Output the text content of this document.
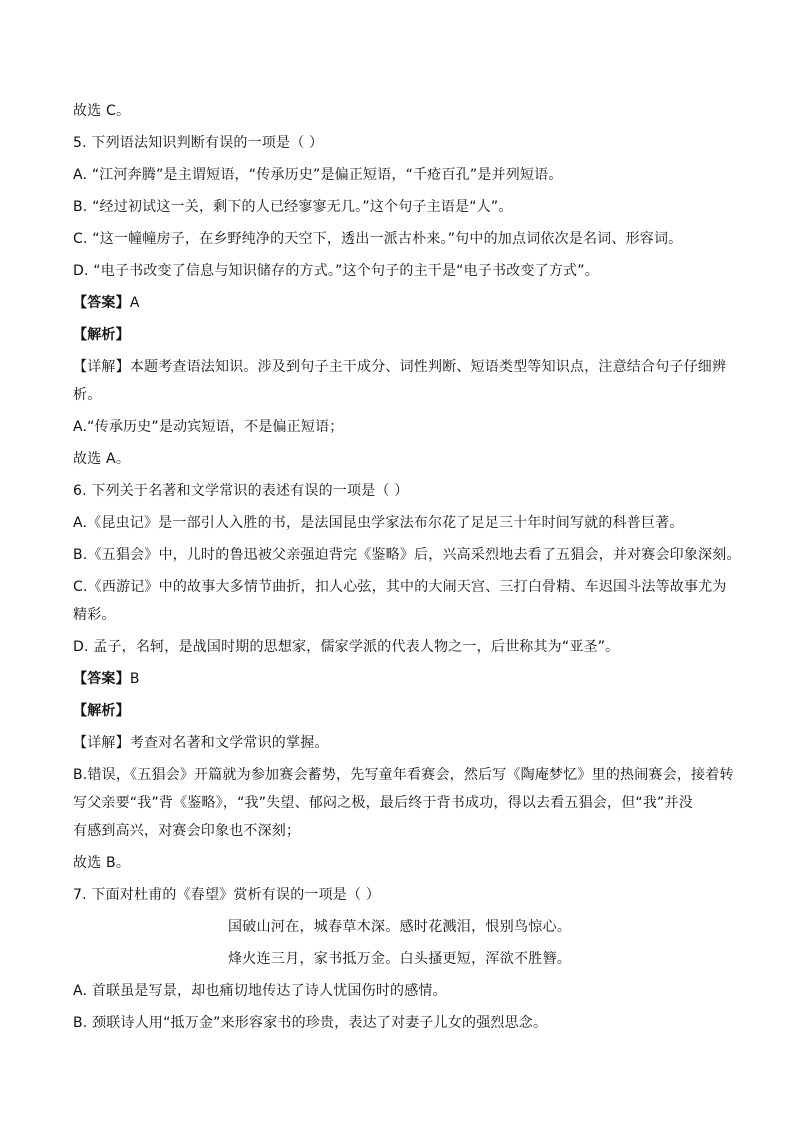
故选 C。
5. 下列语法知识判断有误的一项是（ ）
A. “江河奔腾”是主谓短语，“传承历史”是偏正短语，“千疮百孔”是并列短语。
B. “经过初试这一关，剩下的人已经寥寥无几。”这个句子主语是“人”。
C. “这一幢幢房子，在乡野纯净的天空下，透出一派古朴来。”句中的加点词依次是名词、形容词。
D. “电子书改变了信息与知识储存的方式。”这个句子的主干是“电子书改变了方式”。
【答案】A
【解析】
【详解】本题考查语法知识。涉及到句子主干成分、词性判断、短语类型等知识点，注意结合句子仔细辨
析。
A.“传承历史”是动宾短语，不是偏正短语；
故选 A。
6. 下列关于名著和文学常识的表述有误的一项是（ ）
A.《昆虫记》是一部引人入胜的书，是法国昆虫学家法布尔花了足足三十年时间写就的科普巨著。
B.《五猖会》中，儿时的鲁迅被父亲强迫背完《鉴略》后，兴高采烈地去看了五猖会，并对赛会印象深刻。
C.《西游记》中的故事大多情节曲折，扣人心弦，其中的大闹天宫、三打白骨精、车迟国斗法等故事尤为
精彩。
D. 孟子，名轲，是战国时期的思想家，儒家学派的代表人物之一，后世称其为“亚圣”。
【答案】B
【解析】
【详解】考查对名著和文学常识的掌握。
B.错误，《五猖会》开篇就为参加赛会蓄势，先写童年看赛会，然后写《陶庵梦忆》里的热闹赛会，接着转
写父亲要“我”背《鉴略》，“我”失望、郁闷之极，最后终于背书成功，得以去看五猖会，但“我”并没
有感到高兴，对赛会印象也不深刻；
故选 B。
7. 下面对杜甫的《春望》赏析有误的一项是（ ）
国破山河在，城春草木深。感时花溅泪，恨别鸟惊心。
烽火连三月，家书抵万金。白头搔更短，浑欲不胜簪。
A. 首联虽是写景，却也痛切地传达了诗人忧国伤时的感情。
B. 颈联诗人用“抵万金”来形容家书的珍贵，表达了对妻子儿女的强烈思念。
